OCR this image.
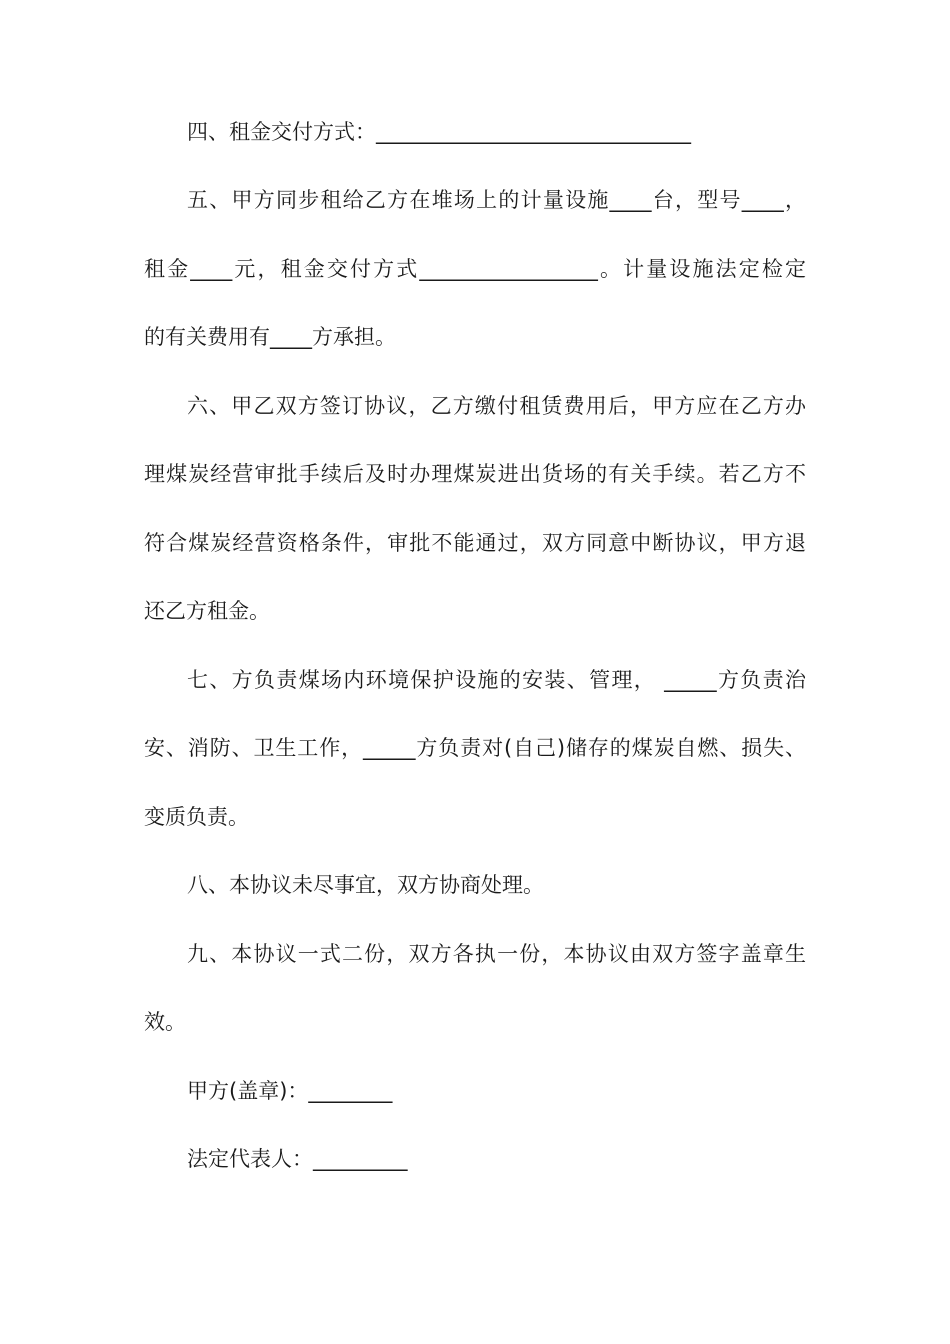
四、租金交付方式：______________________________
五、甲方同步租给乙方在堆场上的计量设施____台，型号____，
租金____元，租金交付方式_________________。计量设施法定检定
的有关费用有____方承担。
六、甲乙双方签订协议，乙方缴付租赁费用后，甲方应在乙方办
理煤炭经营审批手续后及时办理煤炭进出货场的有关手续。若乙方不
符合煤炭经营资格条件，审批不能通过，双方同意中断协议，甲方退
还乙方租金。
七、方负责煤场内环境保护设施的安装、管理， _____方负责治
安、消防、卫生工作，_____方负责对(自己)储存的煤炭自燃、损失、
变质负责。
八、本协议未尽事宜，双方协商处理。
九、本协议一式二份，双方各执一份，本协议由双方签字盖章生
效。
甲方(盖章)：________
法定代表人：_________
